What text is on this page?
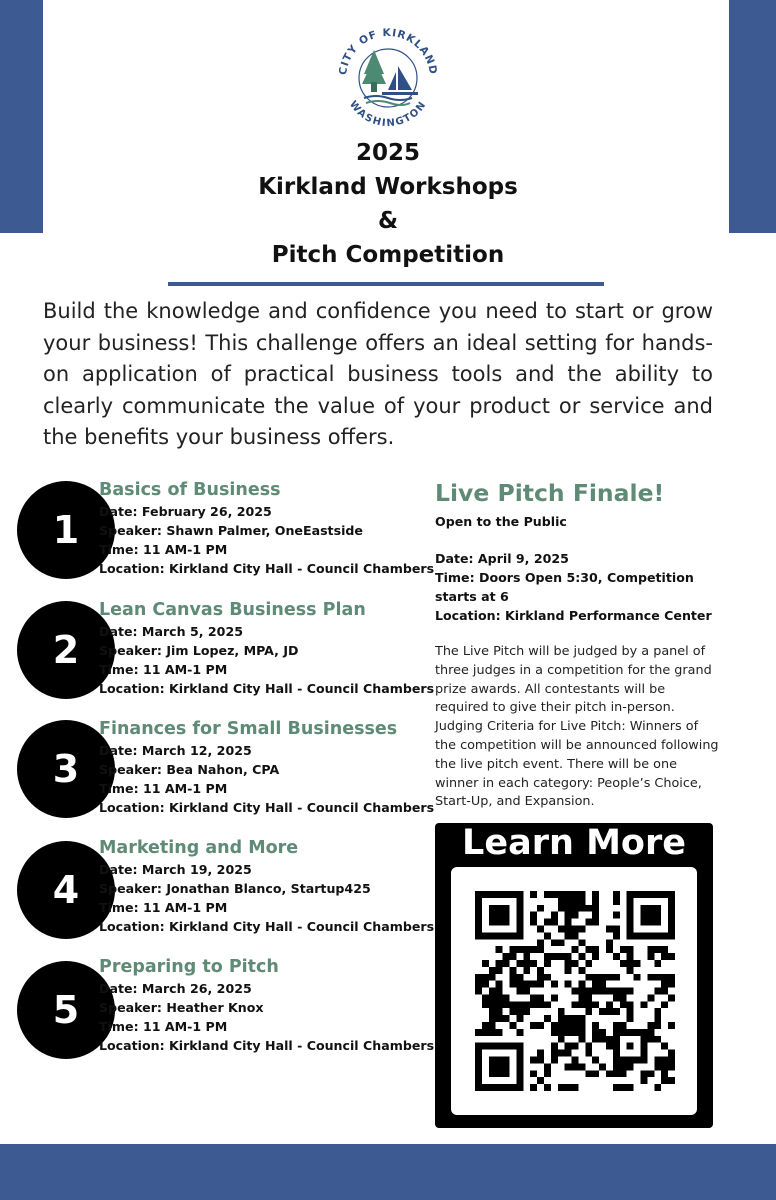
CITY OF KIRKLAND
WASHINGTON
2025
Kirkland Workshops
&
Pitch Competition
Build the knowledge and confidence you need to start or grow your business! This challenge offers an ideal setting for hands-on application of practical business tools and the ability to clearly communicate the value of your product or service and the benefits your business offers.
1
Basics of Business
Date: February 26, 2025
Speaker: Shawn Palmer, OneEastside
Time: 11 AM-1 PM
Location: Kirkland City Hall - Council Chambers
2
Lean Canvas Business Plan
Date: March 5, 2025
Speaker: Jim Lopez, MPA, JD
Time: 11 AM-1 PM
Location: Kirkland City Hall - Council Chambers
3
Finances for Small Businesses
Date: March 12, 2025
Speaker: Bea Nahon, CPA
Time: 11 AM-1 PM
Location: Kirkland City Hall - Council Chambers
4
Marketing and More
Date: March 19, 2025
Speaker: Jonathan Blanco, Startup425
Time: 11 AM-1 PM
Location: Kirkland City Hall - Council Chambers
5
Preparing to Pitch
Date: March 26, 2025
Speaker: Heather Knox
Time: 11 AM-1 PM
Location: Kirkland City Hall - Council Chambers
Live Pitch Finale!
Open to the Public
Date: April 9, 2025
Time: Doors Open 5:30, Competition starts at 6
Location: Kirkland Performance Center
The Live Pitch will be judged by a panel of three judges in a competition for the grand prize awards. All contestants will be required to give their pitch in-person. Judging Criteria for Live Pitch: Winners of the competition will be announced following the live pitch event. There will be one winner in each category: People’s Choice, Start-Up, and Expansion.
Learn More
